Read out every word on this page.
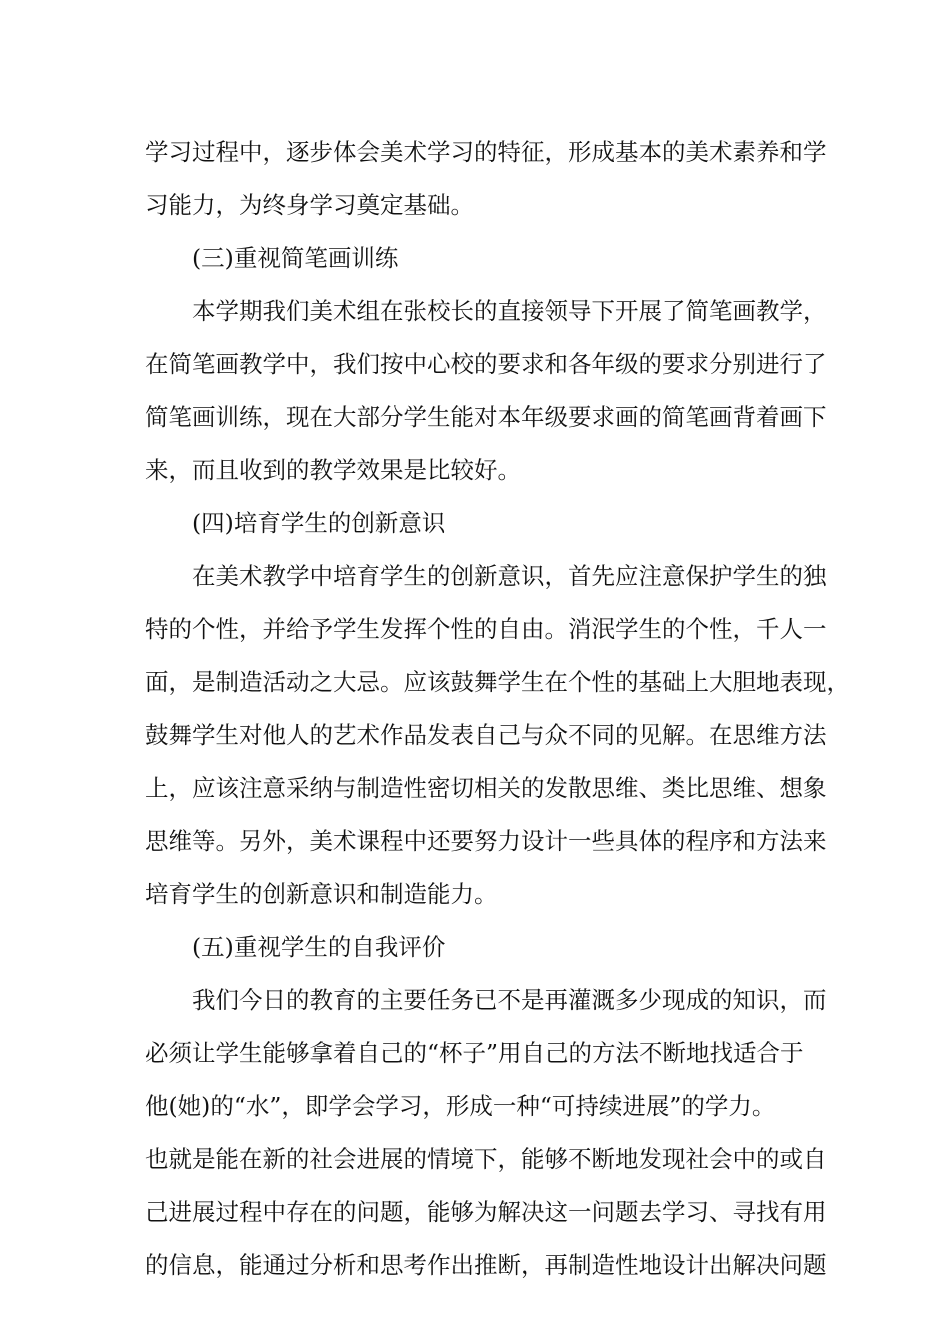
学习过程中，逐步体会美术学习的特征，形成基本的美术素养和学
习能力，为终身学习奠定基础。
(三)重视简笔画训练
本学期我们美术组在张校长的直接领导下开展了简笔画教学，
在简笔画教学中，我们按中心校的要求和各年级的要求分别进行了
简笔画训练，现在大部分学生能对本年级要求画的简笔画背着画下
来，而且收到的教学效果是比较好。
(四)培育学生的创新意识
在美术教学中培育学生的创新意识，首先应注意保护学生的独
特的个性，并给予学生发挥个性的自由。消泯学生的个性，千人一
面，是制造活动之大忌。应该鼓舞学生在个性的基础上大胆地表现，
鼓舞学生对他人的艺术作品发表自己与众不同的见解。在思维方法
上，应该注意采纳与制造性密切相关的发散思维、类比思维、想象
思维等。另外，美术课程中还要努力设计一些具体的程序和方法来
培育学生的创新意识和制造能力。
(五)重视学生的自我评价
我们今日的教育的主要任务已不是再灌溉多少现成的知识，而
必须让学生能够拿着自己的“杯子”用自己的方法不断地找适合于
他(她)的“水”，即学会学习，形成一种“可持续进展”的学力。
也就是能在新的社会进展的情境下，能够不断地发现社会中的或自
己进展过程中存在的问题，能够为解决这一问题去学习、寻找有用
的信息，能通过分析和思考作出推断，再制造性地设计出解决问题
